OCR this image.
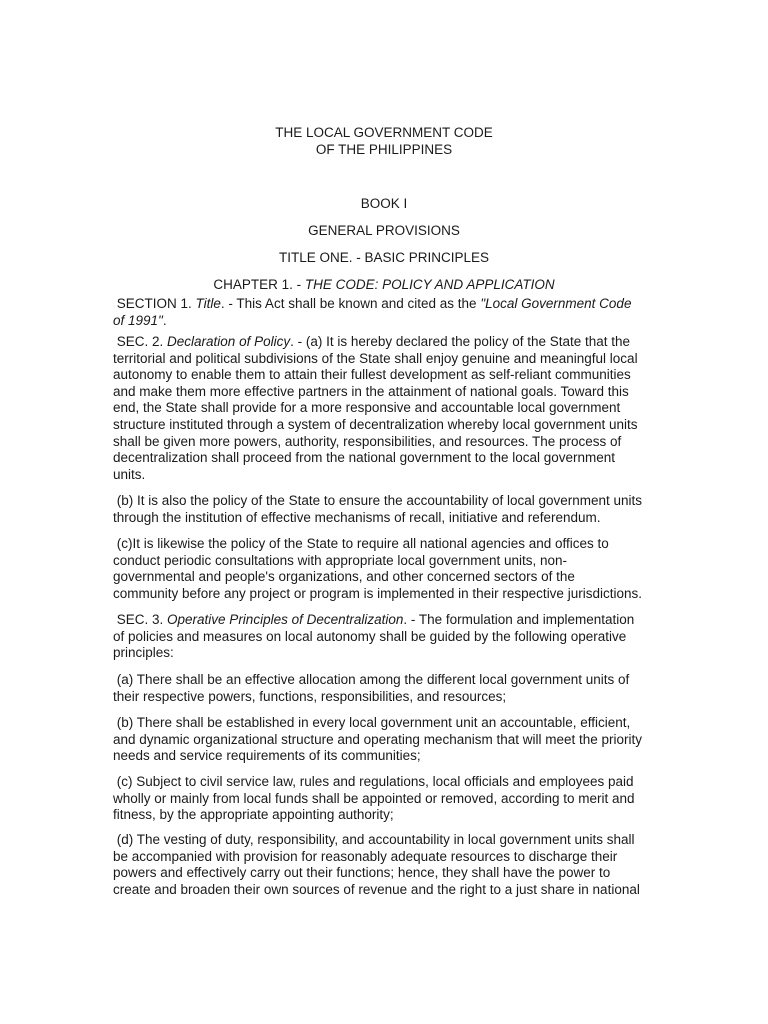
THE LOCAL GOVERNMENT CODE
OF THE PHILIPPINES
BOOK I
GENERAL PROVISIONS
TITLE ONE. - BASIC PRINCIPLES
CHAPTER 1. - THE CODE: POLICY AND APPLICATION
SECTION 1. Title. - This Act shall be known and cited as the "Local Government Code
of 1991".
SEC. 2. Declaration of Policy. - (a) It is hereby declared the policy of the State that the
territorial and political subdivisions of the State shall enjoy genuine and meaningful local
autonomy to enable them to attain their fullest development as self-reliant communities
and make them more effective partners in the attainment of national goals. Toward this
end, the State shall provide for a more responsive and accountable local government
structure instituted through a system of decentralization whereby local government units
shall be given more powers, authority, responsibilities, and resources. The process of
decentralization shall proceed from the national government to the local government
units.
(b) It is also the policy of the State to ensure the accountability of local government units
through the institution of effective mechanisms of recall, initiative and referendum.
(c)It is likewise the policy of the State to require all national agencies and offices to
conduct periodic consultations with appropriate local government units, non-
governmental and people's organizations, and other concerned sectors of the
community before any project or program is implemented in their respective jurisdictions.
SEC. 3. Operative Principles of Decentralization. - The formulation and implementation
of policies and measures on local autonomy shall be guided by the following operative
principles:
(a) There shall be an effective allocation among the different local government units of
their respective powers, functions, responsibilities, and resources;
(b) There shall be established in every local government unit an accountable, efficient,
and dynamic organizational structure and operating mechanism that will meet the priority
needs and service requirements of its communities;
(c) Subject to civil service law, rules and regulations, local officials and employees paid
wholly or mainly from local funds shall be appointed or removed, according to merit and
fitness, by the appropriate appointing authority;
(d) The vesting of duty, responsibility, and accountability in local government units shall
be accompanied with provision for reasonably adequate resources to discharge their
powers and effectively carry out their functions; hence, they shall have the power to
create and broaden their own sources of revenue and the right to a just share in national
